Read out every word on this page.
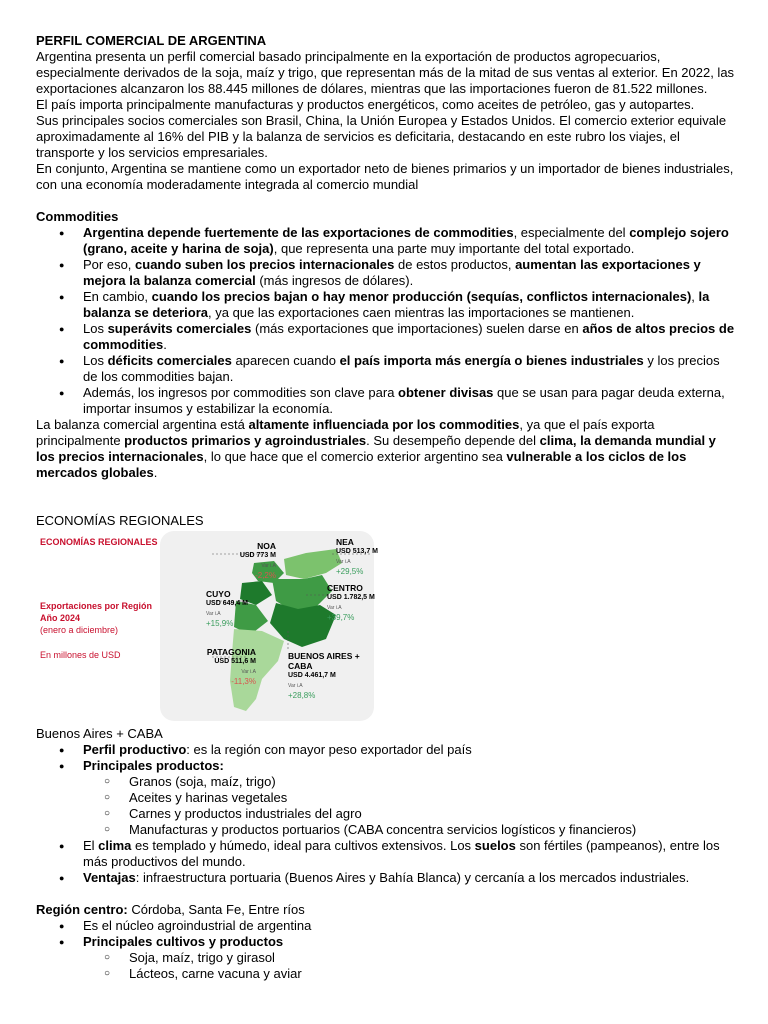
PERFIL COMERCIAL DE ARGENTINA

Argentina presenta un perfil comercial basado principalmente en la exportación de productos agropecuarios,

especialmente derivados de la soja, maíz y trigo, que representan más de la mitad de sus ventas al exterior. En 2022, las

exportaciones alcanzaron los 88.445 millones de dólares, mientras que las importaciones fueron de 81.522 millones.

El país importa principalmente manufacturas y productos energéticos, como aceites de petróleo, gas y autopartes.

Sus principales socios comerciales son Brasil, China, la Unión Europea y Estados Unidos. El comercio exterior equivale

aproximadamente al 16% del PIB y la balanza de servicios es deficitaria, destacando en este rubro los viajes, el

transporte y los servicios empresariales.

En conjunto, Argentina se mantiene como un exportador neto de bienes primarios y un importador de bienes industriales,

con una economía moderadamente integrada al comercio mundial

Commodities

● Argentina depende fuertemente de las exportaciones de commodities, especialmente del complejo sojero (grano, aceite y harina de soja), que representa una parte muy importante del total exportado.
● Por eso, cuando suben los precios internacionales de estos productos, aumentan las exportaciones y mejora la balanza comercial (más ingresos de dólares).
● En cambio, cuando los precios bajan o hay menor producción (sequías, conflictos internacionales), la balanza se deteriora, ya que las exportaciones caen mientras las importaciones se mantienen.
● Los superávits comerciales (más exportaciones que importaciones) suelen darse en años de altos precios de commodities.
● Los déficits comerciales aparecen cuando el país importa más energía o bienes industriales y los precios de los commodities bajan.
● Además, los ingresos por commodities son clave para obtener divisas que se usan para pagar deuda externa, importar insumos y estabilizar la economía.

La balanza comercial argentina está altamente influenciada por los commodities, ya que el país exporta principalmente productos primarios y agroindustriales. Su desempeño depende del clima, la demanda mundial y los precios internacionales, lo que hace que el comercio exterior argentino sea vulnerable a los ciclos de los mercados globales.

ECONOMÍAS REGIONALES

ECONOMÍAS REGIONALES
Exportaciones por Región
Año 2024
(enero a diciembre)
En millones de USD
NOA
USD 773 M
Var i.A
-2,2%
NEA
USD 513,7 M
Var i.A
+29,5%
CENTRO
USD 1.782,5 M
Var i.A
+39,7%
CUYO
USD 649,4 M
Var i.A
+15,9%
PATAGONIA
USD 511,6 M
Var i.A
-11,3%
BUENOS AIRES + CABA
USD 4.461,7 M
Var i.A
+28,8%

Buenos Aires + CABA

● Perfil productivo: es la región con mayor peso exportador del país
● Principales productos:
○ Granos (soja, maíz, trigo)
○ Aceites y harinas vegetales
○ Carnes y productos industriales del agro
○ Manufacturas y productos portuarios (CABA concentra servicios logísticos y financieros)
● El clima es templado y húmedo, ideal para cultivos extensivos. Los suelos son fértiles (pampeanos), entre los más productivos del mundo.
● Ventajas: infraestructura portuaria (Buenos Aires y Bahía Blanca) y cercanía a los mercados industriales.

Región centro: Córdoba, Santa Fe, Entre ríos

● Es el núcleo agroindustrial de argentina
● Principales cultivos y productos
○ Soja, maíz, trigo y girasol
○ Lácteos, carne vacuna y aviar
